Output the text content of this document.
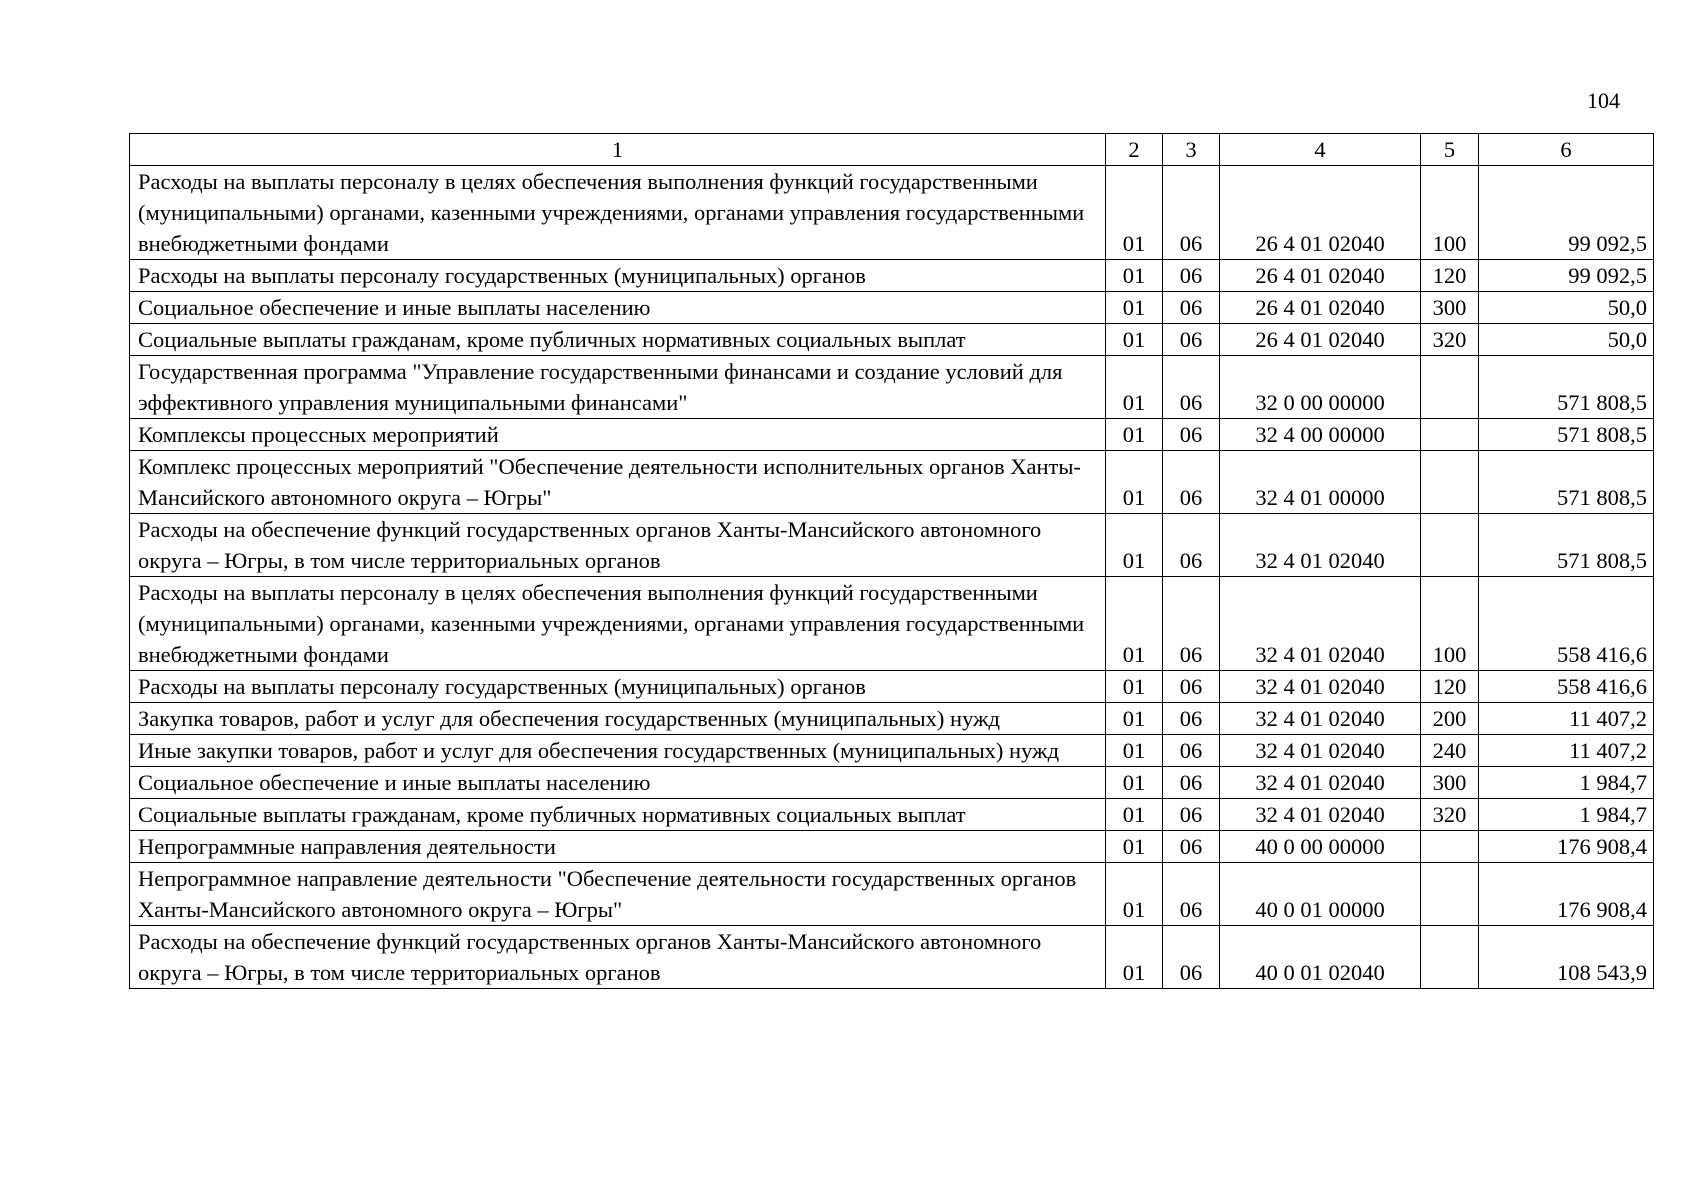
104
1	2	3	4	5	6
Расходы на выплаты персоналу в целях обеспечения выполнения функций государственными (муниципальными) органами, казенными учреждениями, органами управления государственными внебюджетными фондами	01	06	26 4 01 02040	100	99 092,5
Расходы на выплаты персоналу государственных (муниципальных) органов	01	06	26 4 01 02040	120	99 092,5
Социальное обеспечение и иные выплаты населению	01	06	26 4 01 02040	300	50,0
Социальные выплаты гражданам, кроме публичных нормативных социальных выплат	01	06	26 4 01 02040	320	50,0
Государственная программа "Управление государственными финансами и создание условий для эффективного управления муниципальными финансами"	01	06	32 0 00 00000		571 808,5
Комплексы процессных мероприятий	01	06	32 4 00 00000		571 808,5
Комплекс процессных мероприятий "Обеспечение деятельности исполнительных органов Ханты-Мансийского автономного округа – Югры"	01	06	32 4 01 00000		571 808,5
Расходы на обеспечение функций государственных органов Ханты-Мансийского автономного округа – Югры, в том числе территориальных органов	01	06	32 4 01 02040		571 808,5
Расходы на выплаты персоналу в целях обеспечения выполнения функций государственными (муниципальными) органами, казенными учреждениями, органами управления государственными внебюджетными фондами	01	06	32 4 01 02040	100	558 416,6
Расходы на выплаты персоналу государственных (муниципальных) органов	01	06	32 4 01 02040	120	558 416,6
Закупка товаров, работ и услуг для обеспечения государственных (муниципальных) нужд	01	06	32 4 01 02040	200	11 407,2
Иные закупки товаров, работ и услуг для обеспечения государственных (муниципальных) нужд	01	06	32 4 01 02040	240	11 407,2
Социальное обеспечение и иные выплаты населению	01	06	32 4 01 02040	300	1 984,7
Социальные выплаты гражданам, кроме публичных нормативных социальных выплат	01	06	32 4 01 02040	320	1 984,7
Непрограммные направления деятельности	01	06	40 0 00 00000		176 908,4
Непрограммное направление деятельности "Обеспечение деятельности государственных органов Ханты-Мансийского автономного округа – Югры"	01	06	40 0 01 00000		176 908,4
Расходы на обеспечение функций государственных органов Ханты-Мансийского автономного округа – Югры, в том числе территориальных органов	01	06	40 0 01 02040		108 543,9
